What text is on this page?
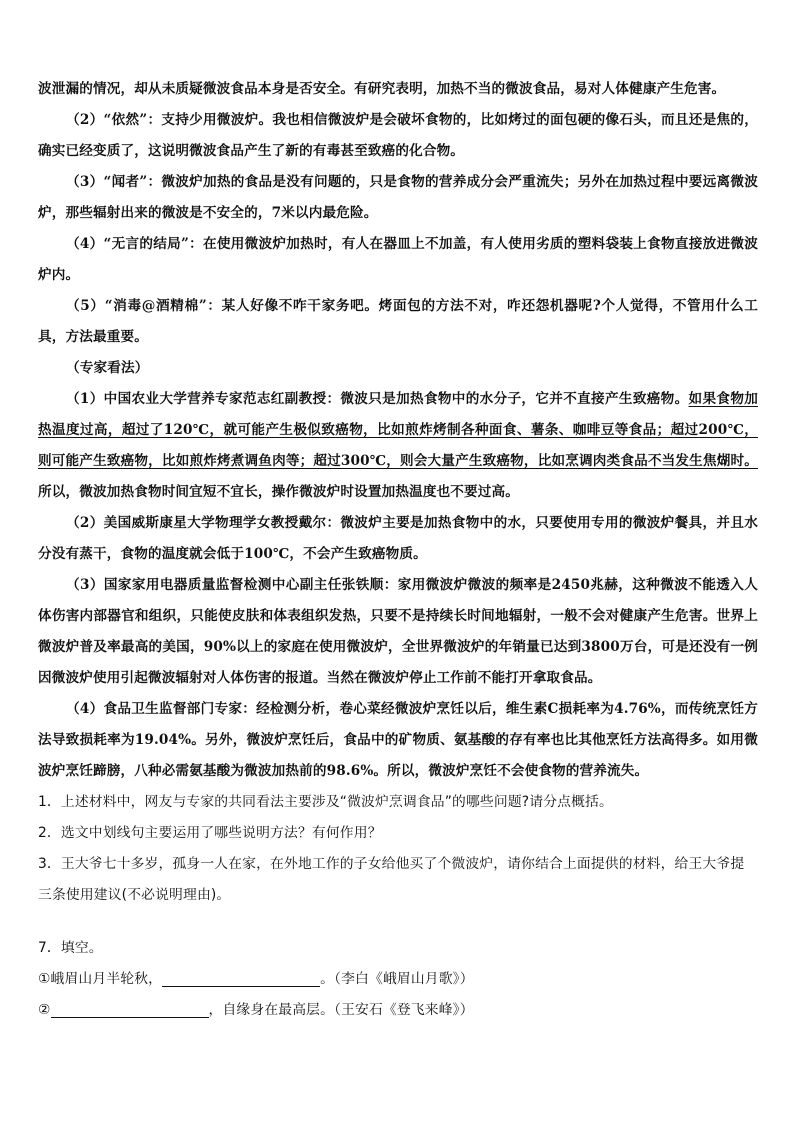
波泄漏的情况，却从未质疑微波食品本身是否安全。有研究表明，加热不当的微波食品，易对人体健康产生危害。

（2）“依然”：支持少用微波炉。我也相信微波炉是会破坏食物的，比如烤过的面包硬的像石头，而且还是焦的，确实已经变质了，这说明微波食品产生了新的有毒甚至致癌的化合物。

（3）“闻者”：微波炉加热的食品是没有问题的，只是食物的营养成分会严重流失；另外在加热过程中要远离微波炉，那些辐射出来的微波是不安全的，7米以内最危险。

（4）“无言的结局”：在使用微波炉加热时，有人在器皿上不加盖，有人使用劣质的塑料袋装上食物直接放进微波炉内。

（5）“消毒@酒精棉”：某人好像不咋干家务吧。烤面包的方法不对，咋还怨机器呢?个人觉得，不管用什么工具，方法最重要。

（专家看法）

（1）中国农业大学营养专家范志红副教授：微波只是加热食物中的水分子，它并不直接产生致癌物。如果食物加热温度过高，超过了120℃，就可能产生极似致癌物，比如煎炸烤制各种面食、薯条、咖啡豆等食品；超过200℃，则可能产生致癌物，比如煎炸烤煮调鱼肉等；超过300℃，则会大量产生致癌物，比如烹调肉类食品不当发生焦煳时。所以，微波加热食物时间宜短不宜长，操作微波炉时设置加热温度也不要过高。

（2）美国威斯康星大学物理学女教授戴尔：微波炉主要是加热食物中的水，只要使用专用的微波炉餐具，并且水分没有蒸干，食物的温度就会低于100℃，不会产生致癌物质。

（3）国家家用电器质量监督检测中心副主任张铁顺：家用微波炉微波的频率是2450兆赫，这种微波不能透入人体伤害内部器官和组织，只能使皮肤和体表组织发热，只要不是持续长时间地辐射，一般不会对健康产生危害。世界上微波炉普及率最高的美国，90%以上的家庭在使用微波炉，全世界微波炉的年销量已达到3800万台，可是还没有一例因微波炉使用引起微波辐射对人体伤害的报道。当然在微波炉停止工作前不能打开拿取食品。

（4）食品卫生监督部门专家：经检测分析，卷心菜经微波炉烹饪以后，维生素C损耗率为4.76%，而传统烹饪方法导致损耗率为19.04%。另外，微波炉烹饪后，食品中的矿物质、氨基酸的存有率也比其他烹饪方法高得多。如用微波炉烹饪蹄膀，八种必需氨基酸为微波加热前的98.6%。所以，微波炉烹饪不会使食物的营养流失。

1．上述材料中，网友与专家的共同看法主要涉及“微波炉烹调食品”的哪些问题?请分点概括。

2．选文中划线句主要运用了哪些说明方法？有何作用？

3．王大爷七十多岁，孤身一人在家，在外地工作的子女给他买了个微波炉，请你结合上面提供的材料，给王大爷提三条使用建议(不必说明理由)。

7．填空。

①峨眉山月半轮秋，	。（李白《峨眉山月歌》）

②	，自缘身在最高层。（王安石《登飞来峰》）
